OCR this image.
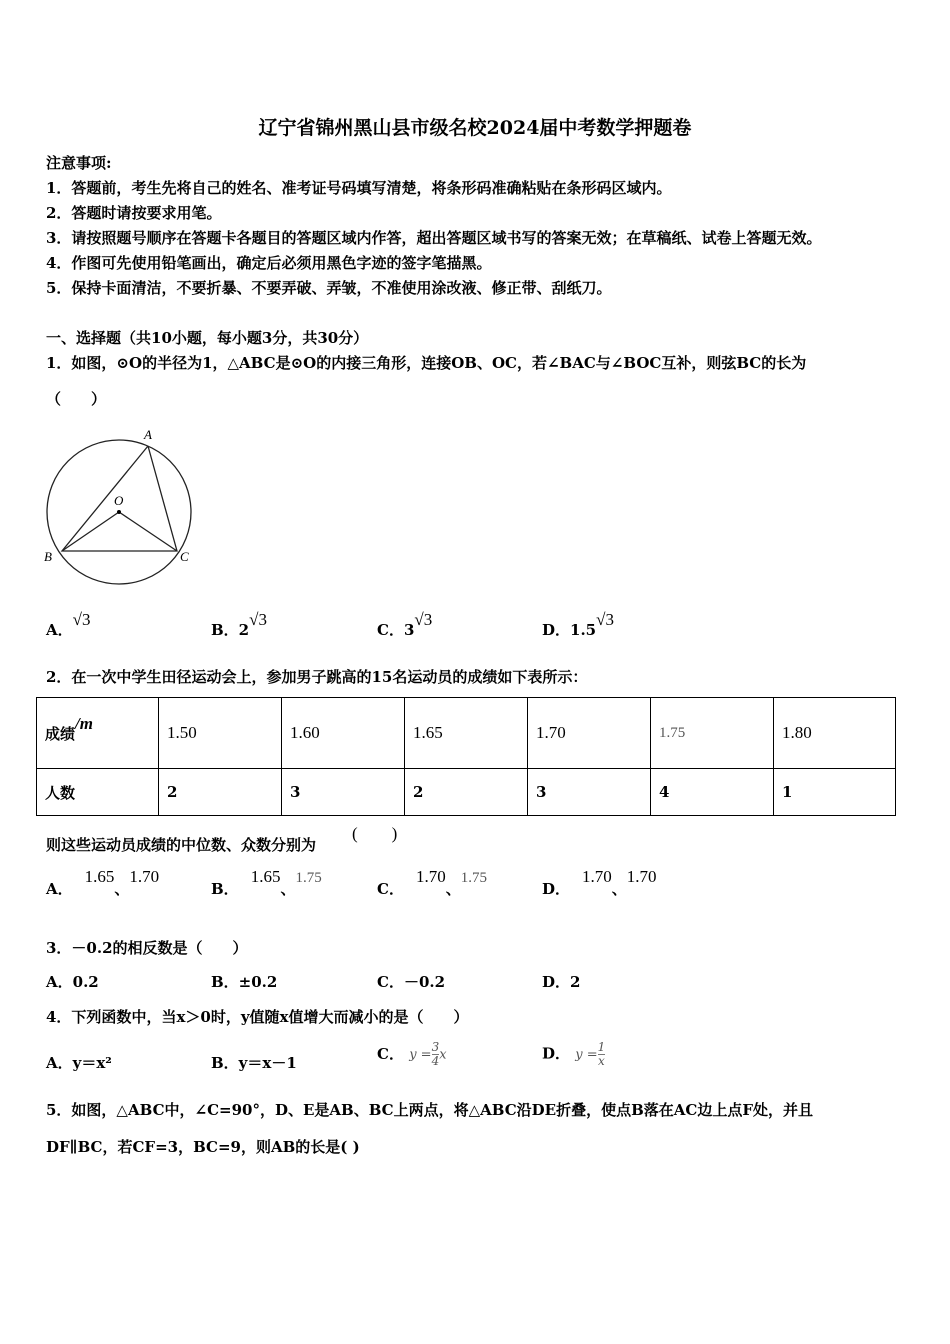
辽宁省锦州黑山县市级名校2024届中考数学押题卷
注意事项:
1．答题前，考生先将自己的姓名、准考证号码填写清楚，将条形码准确粘贴在条形码区域内。
2．答题时请按要求用笔。
3．请按照题号顺序在答题卡各题目的答题区域内作答，超出答题区域书写的答案无效；在草稿纸、试卷上答题无效。
4．作图可先使用铅笔画出，确定后必须用黑色字迹的签字笔描黑。
5．保持卡面清洁，不要折暴、不要弄破、弄皱，不准使用涂改液、修正带、刮纸刀。
一、选择题（共10小题，每小题3分，共30分）
1．如图，⊙O的半径为1，△ABC是⊙O的内接三角形，连接OB、OC，若∠BAC与∠BOC互补，则弦BC的长为
（　　）
A
O
B	C
A．√3
B．2√3
C．3√3
D．1.5√3
2．在一次中学生田径运动会上，参加男子跳高的15名运动员的成绩如下表所示：
成绩/m	1.50	1.60	1.65	1.70	1.75	1.80
人数	2	3	2	3	4	1
则这些运动员成绩的中位数、众数分别为
(　　)
A．1.65、1.70
B．1.65、1.75
C．1.70、1.75
D．1.70、1.70
3．－0.2的相反数是（　　）
A．0.2	B．±0.2	C．－0.2	D．2
4．下列函数中，当x＞0时，y值随x值增大而减小的是（　　）
A．y＝x²	B．y＝x－1
C． $y = \frac{3}{4}$ x	D． $y = \frac{1}{x}$
5．如图，△ABC中，∠C=90°，D、E是AB、BC上两点，将△ABC沿DE折叠，使点B落在AC边上点F处，并且
DF∥BC，若CF=3，BC=9，则AB的长是( )
